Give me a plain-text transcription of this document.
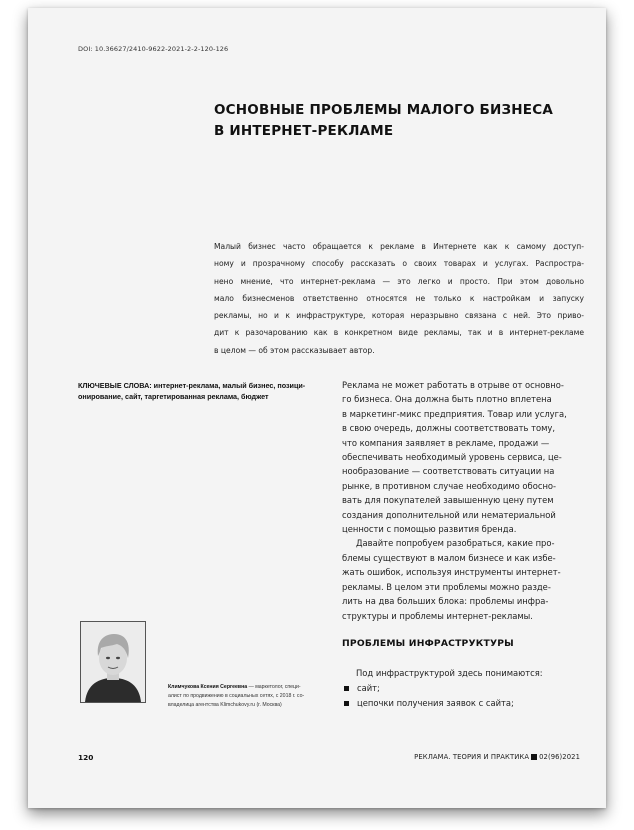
DOI: 10.36627/2410-9622-2021-2-2-120-126
ОСНОВНЫЕ ПРОБЛЕМЫ МАЛОГО БИЗНЕСА
В ИНТЕРНЕТ-РЕКЛАМЕ
Малый бизнес часто обращается к рекламе в Интернете как к самому доступ-
ному и прозрачному способу рассказать о своих товарах и услугах. Распростра-
нено мнение, что интернет-реклама — это легко и просто. При этом довольно
мало бизнесменов ответственно относятся не только к настройкам и запуску
рекламы, но и к инфраструктуре, которая неразрывно связана с ней. Это приво-
дит к разочарованию как в конкретном виде рекламы, так и в интернет-рекламе
в целом — об этом рассказывает автор.
КЛЮЧЕВЫЕ СЛОВА: интернет-реклама, малый бизнес, позици-
онирование, сайт, таргетированная реклама, бюджет

Реклама не может работать в отрыве от основно-
го бизнеса. Она должна быть плотно вплетена
в маркетинг-микс предприятия. Товар или услуга,
в свою очередь, должны соответствовать тому,
что компания заявляет в рекламе, продажи —
обеспечивать необходимый уровень сервиса, це-
нообразование — соответствовать ситуации на
рынке, в противном случае необходимо обосно-
вать для покупателей завышенную цену путем
создания дополнительной или нематериальной
ценности с помощью развития бренда.

Давайте попробуем разобраться, какие про-
блемы существуют в малом бизнесе и как избе-
жать ошибок, используя инструменты интернет-
рекламы. В целом эти проблемы можно разде-
лить на два больших блока: проблемы инфра-
структуры и проблемы интернет-рекламы.

ПРОБЛЕМЫ ИНФРАСТРУКТУРЫ
Под инфраструктурой здесь понимаются:
сайт;
цепочки получения заявок с сайта;
Климчукова Ксения Сергеевна — маркетолог, специ-
алист по продвижению в социальных сетях, с 2018 г. со-
владелица агентства Klimchukovy.ru (г. Москва)
120	РЕКЛАМА. ТЕОРИЯ И ПРАКТИКА 02(96)2021
